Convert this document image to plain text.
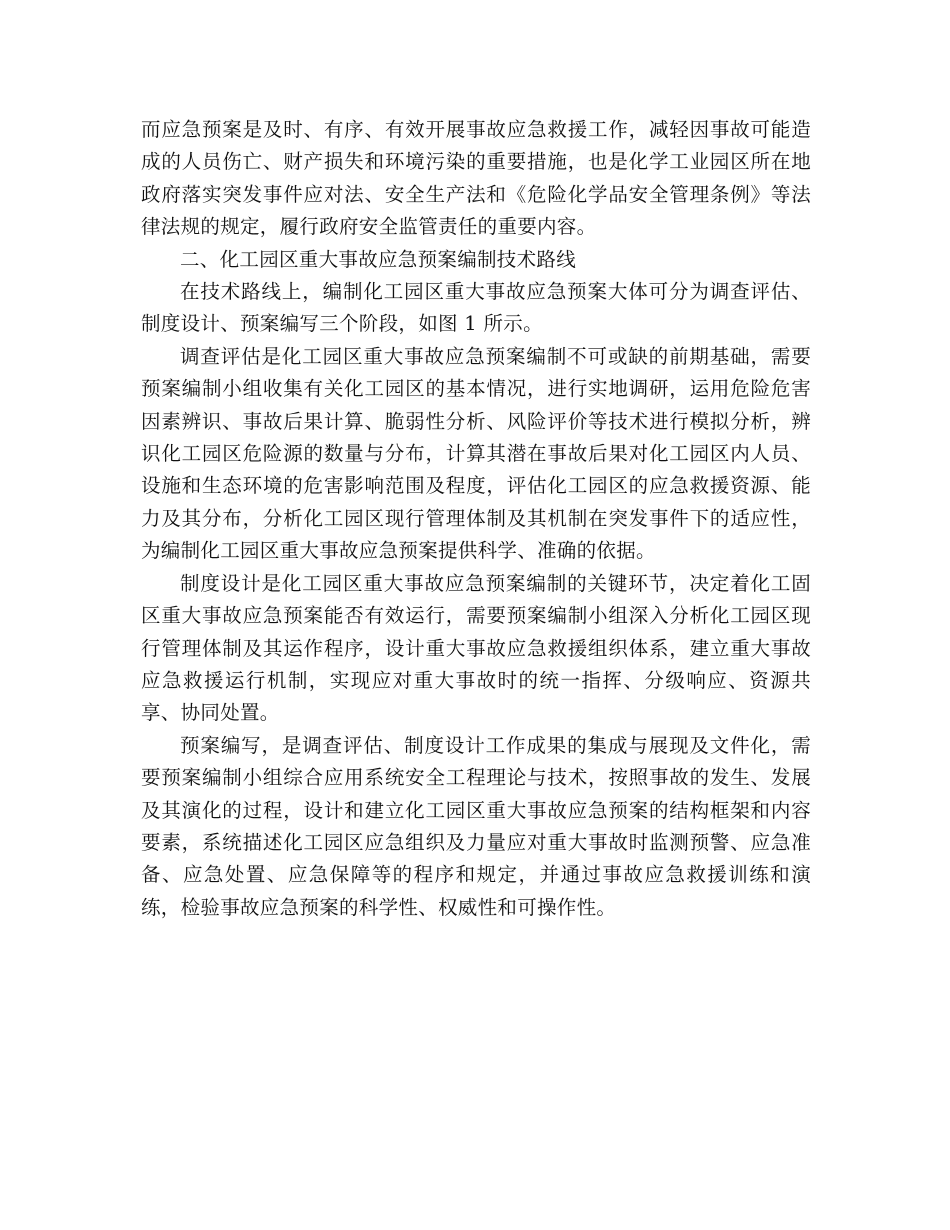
而应急预案是及时、有序、有效开展事故应急救援工作，减轻因事故可能造成的人员伤亡、财产损失和环境污染的重要措施，也是化学工业园区所在地政府落实突发事件应对法、安全生产法和《危险化学品安全管理条例》等法律法规的规定，履行政府安全监管责任的重要内容。

二、化工园区重大事故应急预案编制技术路线

在技术路线上，编制化工园区重大事故应急预案大体可分为调查评估、制度设计、预案编写三个阶段，如图 1 所示。

调查评估是化工园区重大事故应急预案编制不可或缺的前期基础，需要预案编制小组收集有关化工园区的基本情况，进行实地调研，运用危险危害因素辨识、事故后果计算、脆弱性分析、风险评价等技术进行模拟分析，辨识化工园区危险源的数量与分布，计算其潜在事故后果对化工园区内人员、设施和生态环境的危害影响范围及程度，评估化工园区的应急救援资源、能力及其分布，分析化工园区现行管理体制及其机制在突发事件下的适应性，为编制化工园区重大事故应急预案提供科学、准确的依据。

制度设计是化工园区重大事故应急预案编制的关键环节，决定着化工固区重大事故应急预案能否有效运行，需要预案编制小组深入分析化工园区现行管理体制及其运作程序，设计重大事故应急救援组织体系，建立重大事故应急救援运行机制，实现应对重大事故时的统一指挥、分级响应、资源共享、协同处置。

预案编写，是调查评估、制度设计工作成果的集成与展现及文件化，需要预案编制小组综合应用系统安全工程理论与技术，按照事故的发生、发展及其演化的过程，设计和建立化工园区重大事故应急预案的结构框架和内容要素，系统描述化工园区应急组织及力量应对重大事故时监测预警、应急准备、应急处置、应急保障等的程序和规定，并通过事故应急救援训练和演练，检验事故应急预案的科学性、权威性和可操作性。
